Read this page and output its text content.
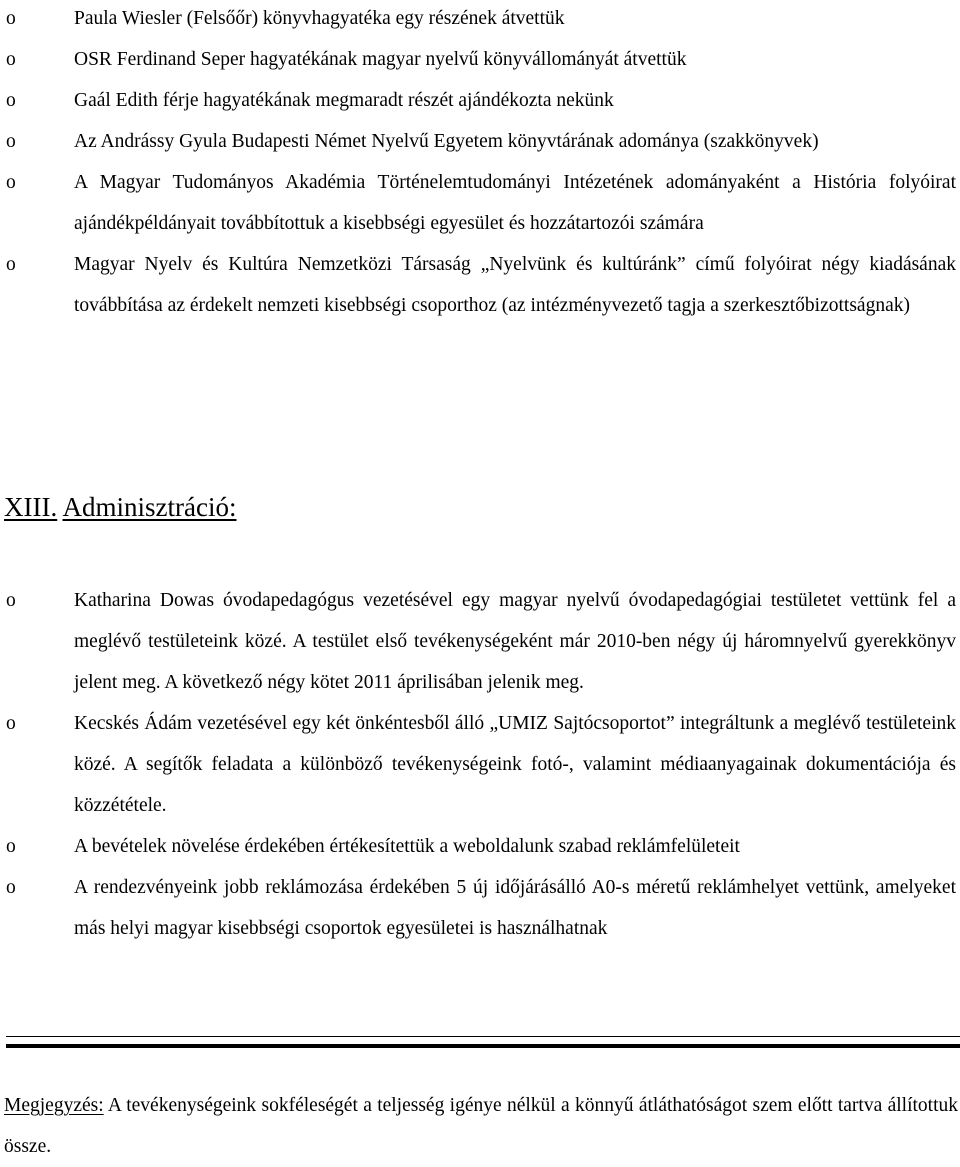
o	Paula Wiesler (Felsőőr) könyvhagyatéka egy részének átvettük
o	OSR Ferdinand Seper hagyatékának magyar nyelvű könyvállományát átvettük
o	Gaál Edith férje hagyatékának megmaradt részét ajándékozta nekünk
o	Az Andrássy Gyula Budapesti Német Nyelvű Egyetem könyvtárának adománya (szakkönyvek)
o	A Magyar Tudományos Akadémia Történelemtudományi Intézetének adományaként a História folyóirat ajándékpéldányait továbbítottuk a kisebbségi egyesület és hozzátartozói számára
o	Magyar Nyelv és Kultúra Nemzetközi Társaság „Nyelvünk és kultúránk” című folyóirat négy kiadásának továbbítása az érdekelt nemzeti kisebbségi csoporthoz (az intézményvezető tagja a szerkesztőbizottságnak)
XIII. Adminisztráció:
o	Katharina Dowas óvodapedagógus vezetésével egy magyar nyelvű óvodapedagógiai testületet vettünk fel a meglévő testületeink közé. A testület első tevékenységeként már 2010-ben négy új háromnyelvű gyerekkönyv jelent meg. A következő négy kötet 2011 áprilisában jelenik meg.
o	Kecskés Ádám vezetésével egy két önkéntesből álló „UMIZ Sajtócsoportot” integráltunk a meglévő testületeink közé. A segítők feladata a különböző tevékenységeink fotó-, valamint médiaanyagainak dokumentációja és közzététele.
o	A bevételek növelése érdekében értékesítettük a weboldalunk szabad reklámfelületeit
o	A rendezvényeink jobb reklámozása érdekében 5 új időjárásálló A0-s méretű reklámhelyet vettünk, amelyeket más helyi magyar kisebbségi csoportok egyesületei is használhatnak

Megjegyzés: A tevékenységeink sokféleségét a teljesség igénye nélkül a könnyű átláthatóságot szem előtt tartva állítottuk össze.
